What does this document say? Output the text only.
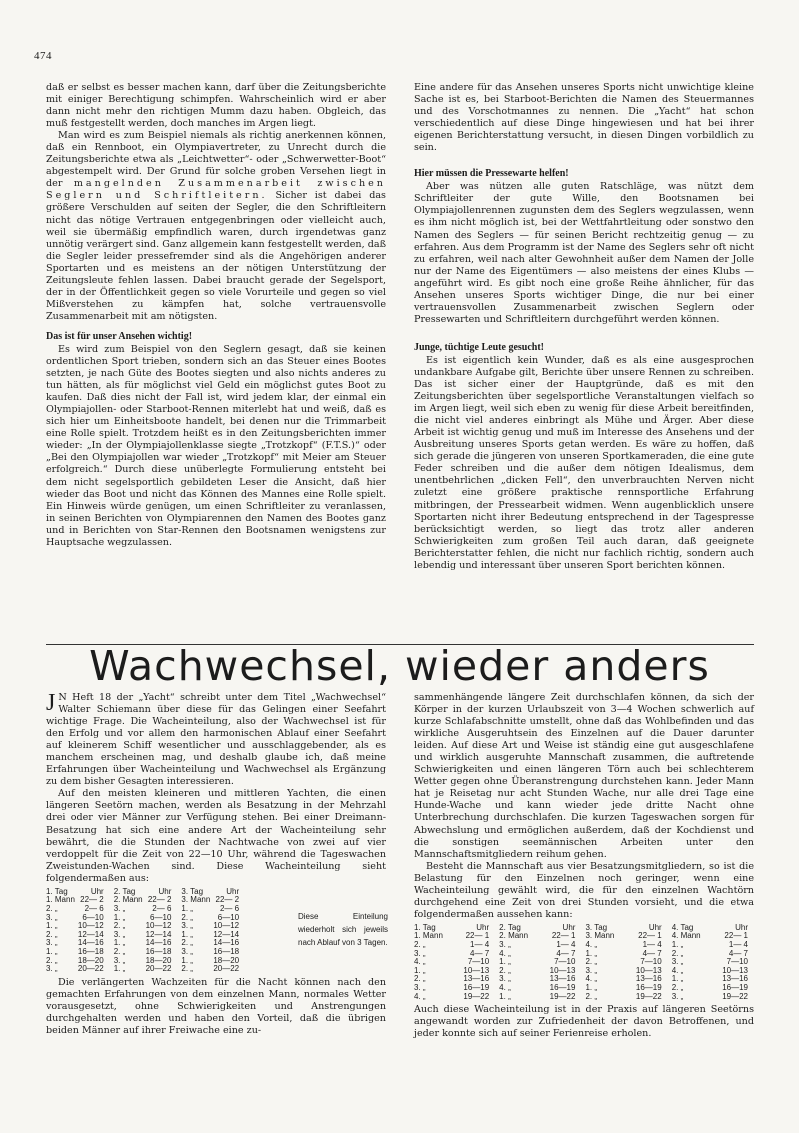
474

daß er selbst es besser machen kann, darf über die Zeitungsberichte mit einiger Berechtigung schimpfen. Wahrscheinlich wird er aber dann nicht mehr den richtigen Mumm dazu haben. Obgleich, das muß festgestellt werden, doch manches im Argen liegt.

Man wird es zum Beispiel niemals als richtig anerkennen können, daß ein Rennboot, ein Olympiavertreter, zu Unrecht durch die Zeitungsberichte etwa als „Leichtwetter“- oder „Schwerwetter-Boot“ abgestempelt wird. Der Grund für solche groben Versehen liegt in der mangelnden Zusammenarbeit zwischen Seglern und Schriftleitern. Sicher ist dabei das größere Verschulden auf seiten der Segler, die den Schriftleitern nicht das nötige Vertrauen entgegenbringen oder vielleicht auch, weil sie übermäßig empfindlich waren, durch irgendetwas ganz unnötig verärgert sind. Ganz allgemein kann festgestellt werden, daß die Segler leider pressefremder sind als die Angehörigen anderer Sportarten und es meistens an der nötigen Unterstützung der Zeitungsleute fehlen lassen. Dabei braucht gerade der Segelsport, der in der Öffentlichkeit gegen so viele Vorurteile und gegen so viel Mißverstehen zu kämpfen hat, solche vertrauensvolle Zusammenarbeit mit am nötigsten.

Das ist für unser Ansehen wichtig!

Es wird zum Beispiel von den Seglern gesagt, daß sie keinen ordentlichen Sport trieben, sondern sich an das Steuer eines Bootes setzten, je nach Güte des Bootes siegten und also nichts anderes zu tun hätten, als für möglichst viel Geld ein möglichst gutes Boot zu kaufen. Daß dies nicht der Fall ist, wird jedem klar, der einmal ein Olympiajollen- oder Starboot-Rennen miterlebt hat und weiß, daß es sich hier um Einheitsboote handelt, bei denen nur die Trimmarbeit eine Rolle spielt. Trotzdem heißt es in den Zeitungsberichten immer wieder: „In der Olympiajollenklasse siegte „Trotzkopf“ (F.T.S.)“ oder „Bei den Olympiajollen war wieder „Trotzkopf“ mit Meier am Steuer erfolgreich.“ Durch diese unüberlegte Formulierung entsteht bei dem nicht segelsportlich gebildeten Leser die Ansicht, daß hier wieder das Boot und nicht das Können des Mannes eine Rolle spielt. Ein Hinweis würde genügen, um einen Schriftleiter zu veranlassen, in seinen Berichten von Olympiarennen den Namen des Bootes ganz und in Berichten von Star-Rennen den Bootsnamen wenigstens zur Hauptsache wegzulassen.

Eine andere für das Ansehen unseres Sports nicht unwichtige kleine Sache ist es, bei Starboot-Berichten die Namen des Steuermannes und des Vorschotmannes zu nennen. Die „Yacht“ hat schon verschiedentlich auf diese Dinge hingewiesen und hat bei ihrer eigenen Berichterstattung versucht, in diesen Dingen vorbildlich zu sein.

Hier müssen die Pressewarte helfen!

Aber was nützen alle guten Ratschläge, was nützt dem Schriftleiter der gute Wille, den Bootsnamen bei Olympiajollenrennen zugunsten dem des Seglers wegzulassen, wenn es ihm nicht möglich ist, bei der Wettfahrtleitung oder sonstwo den Namen des Seglers — für seinen Bericht rechtzeitig genug — zu erfahren. Aus dem Programm ist der Name des Seglers sehr oft nicht zu erfahren, weil nach alter Gewohnheit außer dem Namen der Jolle nur der Name des Eigentümers — also meistens der eines Klubs — angeführt wird. Es gibt noch eine große Reihe ähnlicher, für das Ansehen unseres Sports wichtiger Dinge, die nur bei einer vertrauensvollen Zusammenarbeit zwischen Seglern oder Pressewarten und Schriftleitern durchgeführt werden können.

Junge, tüchtige Leute gesucht!

Es ist eigentlich kein Wunder, daß es als eine ausgesprochen undankbare Aufgabe gilt, Berichte über unsere Rennen zu schreiben. Das ist sicher einer der Hauptgründe, daß es mit den Zeitungsberichten über segelsportliche Veranstaltungen vielfach so im Argen liegt, weil sich eben zu wenig für diese Arbeit bereitfinden, die nicht viel anderes einbringt als Mühe und Ärger. Aber diese Arbeit ist wichtig genug und muß im Interesse des Ansehens und der Ausbreitung unseres Sports getan werden. Es wäre zu hoffen, daß sich gerade die jüngeren von unseren Sportkameraden, die eine gute Feder schreiben und die außer dem nötigen Idealismus, dem unentbehrlichen „dicken Fell“, den unverbrauchten Nerven nicht zuletzt eine größere praktische rennsportliche Erfahrung mitbringen, der Pressearbeit widmen. Wenn augenblicklich unsere Sportarten nicht ihrer Bedeutung entsprechend in der Tagespresse berücksichtigt werden, so liegt das trotz aller anderen Schwierigkeiten zum großen Teil auch daran, daß geeignete Berichterstatter fehlen, die nicht nur fachlich richtig, sondern auch lebendig und interessant über unseren Sport berichten können.

Wachwechsel, wieder anders

J N Heft 18 der „Yacht“ schreibt unter dem Titel „Wachwechsel“ Walter Schiemann über diese für das Gelingen einer Seefahrt wichtige Frage. Die Wacheinteilung, also der Wachwechsel ist für den Erfolg und vor allem den harmonischen Ablauf einer Seefahrt auf kleinerem Schiff wesentlicher und ausschlaggebender, als es manchem erscheinen mag, und deshalb glaube ich, daß meine Erfahrungen über Wacheinteilung und Wachwechsel als Ergänzung zu dem bisher Gesagten interessieren.

Auf den meisten kleineren und mittleren Yachten, die einen längeren Seetörn machen, werden als Besatzung in der Mehrzahl drei oder vier Männer zur Verfügung stehen. Bei einer Dreimann-Besatzung hat sich eine andere Art der Wacheinteilung sehr bewährt, die die Stunden der Nachtwache von zwei auf vier verdoppelt für die Zeit von 22—10 Uhr, während die Tageswachen Zweistunden-Wachen sind. Diese Wacheinteilung sieht folgendermaßen aus:

1. Tag	Uhr	2. Tag	Uhr	3. Tag	Uhr
1. Mann	22— 2	2. Mann	22— 2	3. Mann	22— 2
2. „	2— 6	3. „	2— 6	1. „	2— 6
3. „	6—10	1. „	6—10	2. „	6—10
1. „	10—12	2. „	10—12	3. „	10—12
2. „	12—14	3. „	12—14	1. „	12—14
3. „	14—16	1. „	14—16	2. „	14—16
1. „	16—18	2. „	16—18	3. „	16—18
2. „	18—20	3. „	18—20	1. „	18—20
3. „	20—22	1. „	20—22	2. „	20—22
Diese Einteilung wiederholt sich jeweils nach Ablauf von 3 Tagen.

Die verlängerten Wachzeiten für die Nacht können nach den gemachten Erfahrungen von dem einzelnen Mann, normales Wetter vorausgesetzt, ohne Schwierigkeiten und Anstrengungen durchgehalten werden und haben den Vorteil, daß die übrigen beiden Männer auf ihrer Freiwache eine zu-

sammenhängende längere Zeit durchschlafen können, da sich der Körper in der kurzen Urlaubszeit von 3—4 Wochen schwerlich auf kurze Schlafabschnitte umstellt, ohne daß das Wohlbefinden und das wirkliche Ausgeruhtsein des Einzelnen auf die Dauer darunter leiden. Auf diese Art und Weise ist ständig eine gut ausgeschlafene und wirklich ausgeruhte Mannschaft zusammen, die auftretende Schwierigkeiten und einen längeren Törn auch bei schlechterem Wetter gegen ohne Überanstrengung durchstehen kann. Jeder Mann hat je Reisetag nur acht Stunden Wache, nur alle drei Tage eine Hunde-Wache und kann wieder jede dritte Nacht ohne Unterbrechung durchschlafen. Die kurzen Tageswachen sorgen für Abwechslung und ermöglichen außerdem, daß der Kochdienst und die sonstigen seemännischen Arbeiten unter den Mannschaftsmitgliedern reihum gehen.

Besteht die Mannschaft aus vier Besatzungsmitgliedern, so ist die Belastung für den Einzelnen noch geringer, wenn eine Wacheinteilung gewählt wird, die für den einzelnen Wachtörn durchgehend eine Zeit von drei Stunden vorsieht, und die etwa folgendermaßen aussehen kann:

1. Tag	Uhr	2. Tag	Uhr	3. Tag	Uhr	4. Tag	Uhr
1. Mann	22— 1	2. Mann	22— 1	3. Mann	22— 1	4. Mann	22— 1
2. „	1— 4	3. „	1— 4	4. „	1— 4	1. „	1— 4
3. „	4— 7	4. „	4— 7	1. „	4— 7	2. „	4— 7
4. „	7—10	1. „	7—10	2. „	7—10	3. „	7—10
1. „	10—13	2. „	10—13	3. „	10—13	4. „	10—13
2. „	13—16	3. „	13—16	4. „	13—16	1. „	13—16
3. „	16—19	4. „	16—19	1. „	16—19	2. „	16—19
4. „	19—22	1. „	19—22	2. „	19—22	3. „	19—22

Auch diese Wacheinteilung ist in der Praxis auf längeren Seetörns angewandt worden zur Zufriedenheit der davon Betroffenen, und jeder konnte sich auf seiner Ferienreise erholen.
